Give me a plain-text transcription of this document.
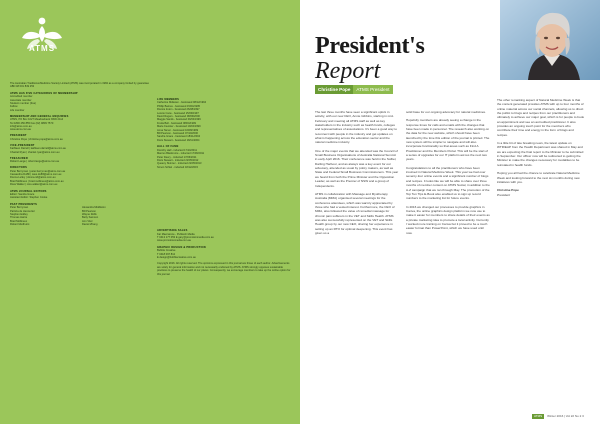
ATMS
The Australian Traditional-Medicine Society Limited (ATMS) was incorporated in 1984 as a company limited by guarantee ABN 48 001 849 253
ATMS HAS FIVE CATEGORIES OF MEMBERSHIP
Accredited member
Associate member
Student member (free)
Fellow
Life member
MEMBERSHIP AND GENERAL ENQUIRIES
ATMS, PO Box 1027 Meadowbank NSW 2114
Tel 1800 456 855 Fax (02) 9809 7570
info@atms.com.au
www.atms.com.au
PRESIDENT
Christine Pope | christine.pope@atms.com.au
VICE-PRESIDENT
Kathleen Darrell | kathleen.darrell@atms.com.au
Chantel Ryan | chantel.ryan@atms.com.au
TREASURER
Robert Lange | robert.lange@atms.com.au
DIRECTORS
Peter Berryman | peter.berryman@atms.com.au
Cassandra Duffill | cass.duffill@atms.com.au
Donna Lulley | donna.rid@atms.com.au
Brad Mollineux | brad.mollineux@atms.com.au
Ross Walker | ross.walker@atms.com.au
ATMS JOURNAL EDITORS
Editor: Sandra Grace
Assistant Editor: Stephen Cooke
PAST PRESIDENTS
Peter Berryman
Patricia de Hennezier
Stephen Eddey
Thomas Harrie
Brad Mollineux
Robert Medhurst
Alexandra Middleton
Bill Pearson
Wayne Rolfe
Betty Samson
Ann Vitor
Daniel Zhang
LIFE MEMBERS
Catherine McEwen - bestowed 08/12/1994
Phillip Barnes - bestowed 15/04/1995
Ronica Ireton - bestowed 26/08/1997
Leonie Cane - bestowed 25/09/1997
David Rogers - bestowed 08/09/2000
Maggie Sands - bestowed 09/04/1999
Freda Bell - bestowed 08/04/1999
Marie Fewster - bestowed 19/04/1999
Anna Tarver - bestowed 16/08/1999
Bill Pearson - bestowed 07/10/2000
Sandra Grace - bestowed 18/11/2004
Doris Stewart - bestowed 18/11/2004
HALL OF FAME
Dorothy Hall - inducted 17/10/2011
Marcus Blackmore - inducted 17/06/2011
Peter Deery - inducted 17/06/2011
Doris Stewart - inducted 22/05/2012
Queeny Skinner - inducted 22/05/2013
Simon Schiel - inducted 18/12/2015
ADVERTISING SALES
Kar Maccarone - Publiesh Media
T 0413 177 053 E gary@promotionmedia.com.au
www.promotionmedia.com.au
GRAPHIC DESIGN & PRODUCTION
Bubble Creative
T 0418 097 812
E design@bubblecreative.com.au
Copyright 2016. All rights reserved. The opinions expressed in this journal are those of each author. Advertisements are solely for general information and not necessarily endorsed by ATMS. ATMS strongly opposes sustainable practices to preserve the health of our planet. Consequently, we encourage members to take up the online option for this journal.
President's
Report
Christine Pope	ATMS President

The last three months have seen a significant uptick in activity, with our new CEO, Annie Gibbins, starting in mid-February and meeting all ATMS staff as well as key stakeholders in the industry such as health funds, colleges and representatives of associations. It's been a good way to reconnect with people in the industry and get updates on what is happening across the education sector and the natural medicine industry.

One of the major events that we attended was the Council of Small Business Organisations of Australia National Summit in early April 2016. Their conference was held in the Sofitel, Darling Harbour, and as always was a key event for our advocacy, attended as usual by policy makers, as well as State and Federal Small Business Commissioners. This year we heard from both the Prime Minister and the Opposition Leader, as well as the Premier of NSW and a group of Independents.

ATMS in collaboration with Massage and Myotherapy Australia (MMA) organised several meetings for the conference attendees, which was warmly appreciated by those who had a vested interest. Furthermore, the CEO of MMA, also followed the value of remedial massage for chronic pain sufferers in the VET and Skills Health. ATMS was also successfully represented on the VET and Skills Health group by our new CEO, sharing her experience in setting up an RTO for optimal deepening. This event has given us a

solid base for our ongoing advocacy for natural medicines.

Hopefully members are already seeing a change in the response times for calls and emails with the changes that have been made in personnel. The research also working on the data for the new website, which should have been launched by the time this edition of the journal is printed. The new system will be simpler to navigate and will also incorporate functionality so that areas such as Find A Practitioner and the Members Portal. This will be the start of a series of upgrades for our IT platform across the next two years.

Congratulations to all the practitioners who have been involved in Natural Medicine Week. This year we had over seventy-four online events and a significant number of blogs and recipes. It looks like we will be able to share over three months of member content on ATMS Social, in addition to the A-Z campaign that we ran through May. The promotion of the Top Ten Tips E-Book also enabled us to sign up record numbers to the marketing list for future events.

In 2016 we changed our processes to provide graphics in Canva, the online graphics design platform we now use to make it easier for members to share details of their events as a private marketing idea to promote a local activity. Currently I worked more training on Canva but it proved to be a much easier format than PowerPoint, which we have used until now.

The other remarking aspect of Natural Medicine Week is that the content generated provides ATMS with up to four months of online material across our social channels, allowing us to direct the public to blogs and recipes from our practitioners and ultimately to achieve our major goal, which is for people to book an appointment and see an accredited practitioner. It also provides an ongoing touch point for the members who contribute their time and energy in the form of blogs and recipes.

In a little bit of late breaking news, the latest update on WTR/EAP from the Health Department was shared in May and we are expecting the final report to the Minister to be submitted in September. Our officer now will be redirected to getting the Minister to make the changes necessary for modalities to be reinstated in health funds.

Hoping you all had the chance to celebrate Natural Medicine Week and looking forward to the next six months during new initiatives with you.

Christine Pope
President
ATMS	Winter 2016 | Vol 22 No 2 3
